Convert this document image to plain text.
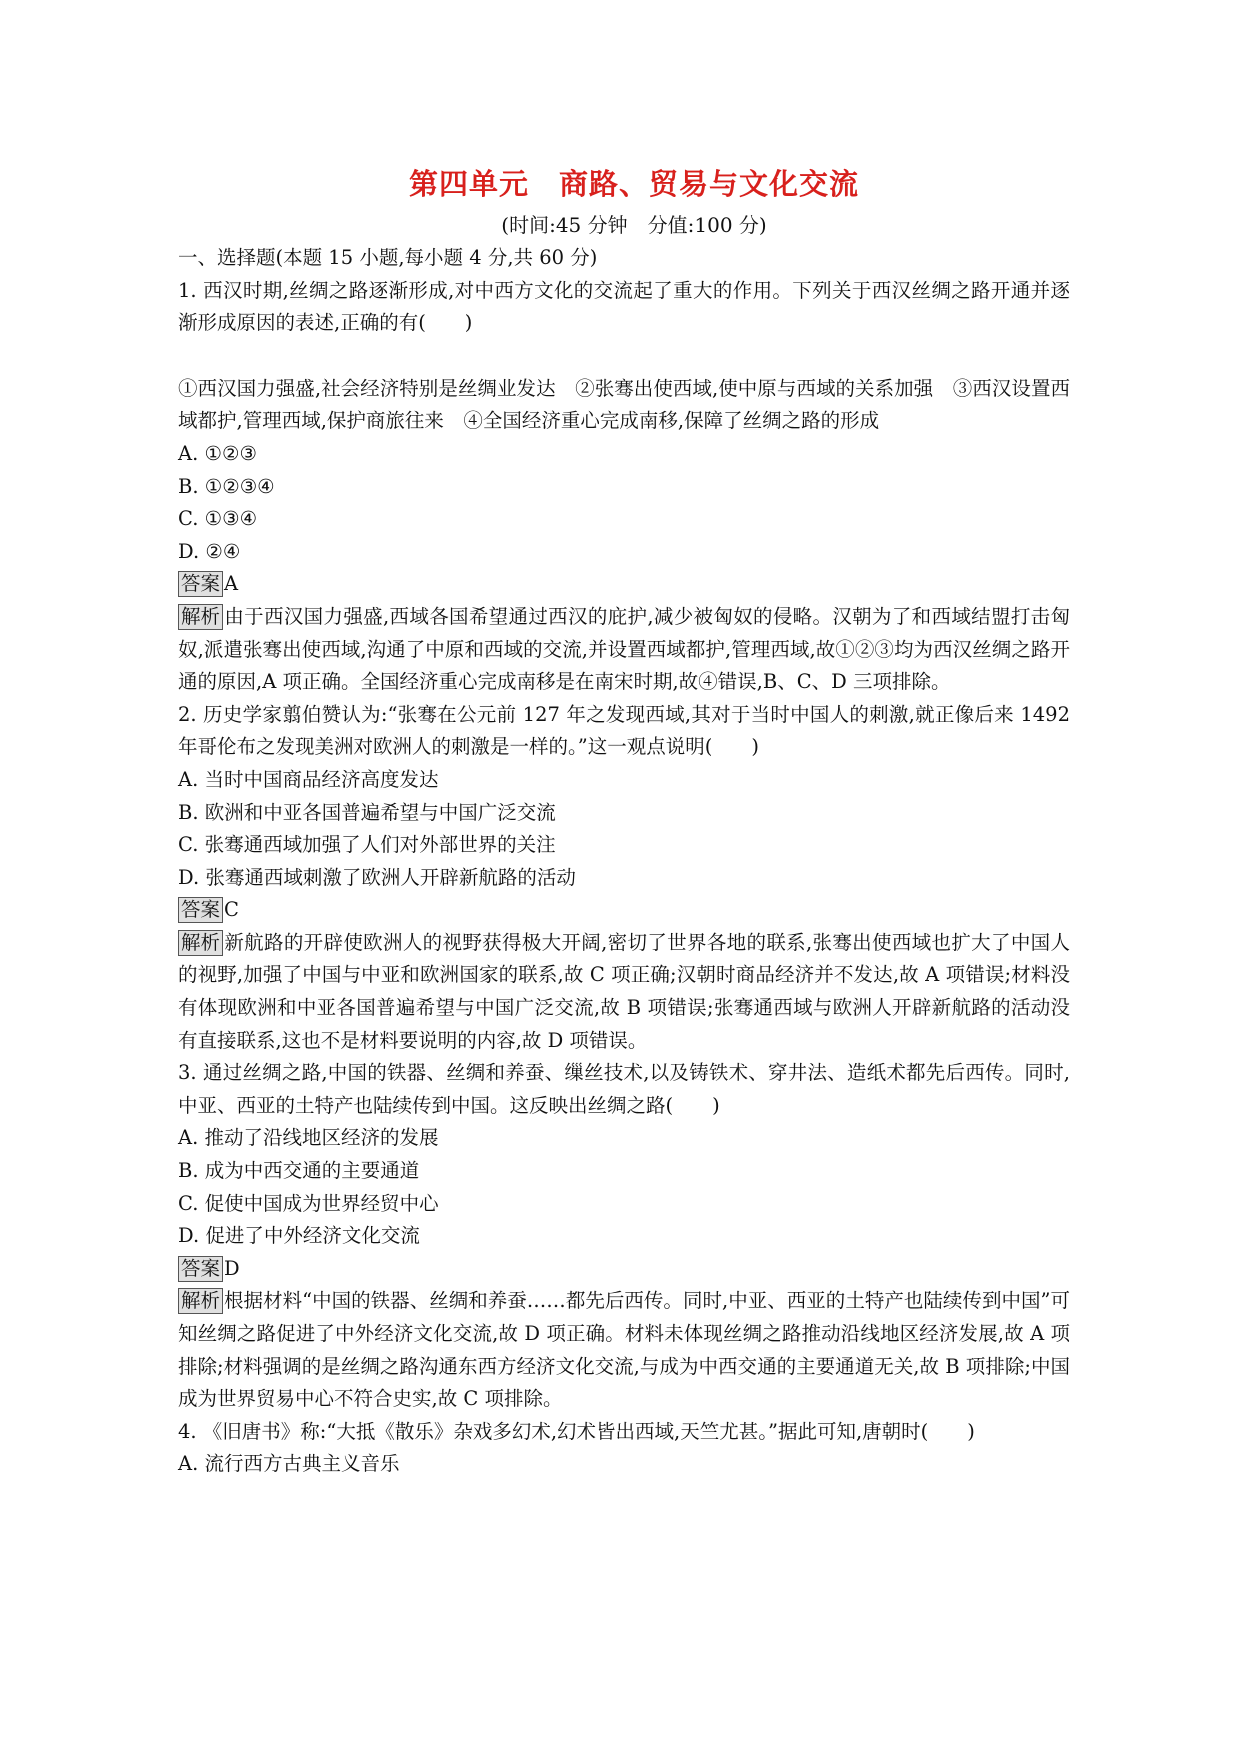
第四单元　商路、贸易与文化交流
(时间:45 分钟　分值:100 分)
一、选择题(本题 15 小题,每小题 4 分,共 60 分)

1. 西汉时期,丝绸之路逐渐形成,对中西方文化的交流起了重大的作用。下列关于西汉丝绸之路开通并逐渐形成原因的表述,正确的有(　　)

①西汉国力强盛,社会经济特别是丝绸业发达　②张骞出使西域,使中原与西域的关系加强　③西汉设置西域都护,管理西域,保护商旅往来　④全国经济重心完成南移,保障了丝绸之路的形成

A. ①②③
B. ①②③④
C. ①③④
D. ②④
答案 A

解析 由于西汉国力强盛,西域各国希望通过西汉的庇护,减少被匈奴的侵略。汉朝为了和西域结盟打击匈奴,派遣张骞出使西域,沟通了中原和西域的交流,并设置西域都护,管理西域,故①②③均为西汉丝绸之路开通的原因,A 项正确。全国经济重心完成南移是在南宋时期,故④错误,B、C、D 三项排除。

2. 历史学家翦伯赞认为:“张骞在公元前 127 年之发现西域,其对于当时中国人的刺激,就正像后来 1492 年哥伦布之发现美洲对欧洲人的刺激是一样的。”这一观点说明(　　)

A. 当时中国商品经济高度发达
B. 欧洲和中亚各国普遍希望与中国广泛交流
C. 张骞通西域加强了人们对外部世界的关注
D. 张骞通西域刺激了欧洲人开辟新航路的活动
答案 C

解析 新航路的开辟使欧洲人的视野获得极大开阔,密切了世界各地的联系,张骞出使西域也扩大了中国人的视野,加强了中国与中亚和欧洲国家的联系,故 C 项正确;汉朝时商品经济并不发达,故 A 项错误;材料没有体现欧洲和中亚各国普遍希望与中国广泛交流,故 B 项错误;张骞通西域与欧洲人开辟新航路的活动没有直接联系,这也不是材料要说明的内容,故 D 项错误。

3. 通过丝绸之路,中国的铁器、丝绸和养蚕、缫丝技术,以及铸铁术、穿井法、造纸术都先后西传。同时,中亚、西亚的土特产也陆续传到中国。这反映出丝绸之路(　　)

A. 推动了沿线地区经济的发展
B. 成为中西交通的主要通道
C. 促使中国成为世界经贸中心
D. 促进了中外经济文化交流
答案 D

解析 根据材料“中国的铁器、丝绸和养蚕……都先后西传。同时,中亚、西亚的土特产也陆续传到中国”可知丝绸之路促进了中外经济文化交流,故 D 项正确。材料未体现丝绸之路推动沿线地区经济发展,故 A 项排除;材料强调的是丝绸之路沟通东西方经济文化交流,与成为中西交通的主要通道无关,故 B 项排除;中国成为世界贸易中心不符合史实,故 C 项排除。

4. 《旧唐书》称:“大抵《散乐》杂戏多幻术,幻术皆出西域,天竺尤甚。”据此可知,唐朝时(　　)

A. 流行西方古典主义音乐
